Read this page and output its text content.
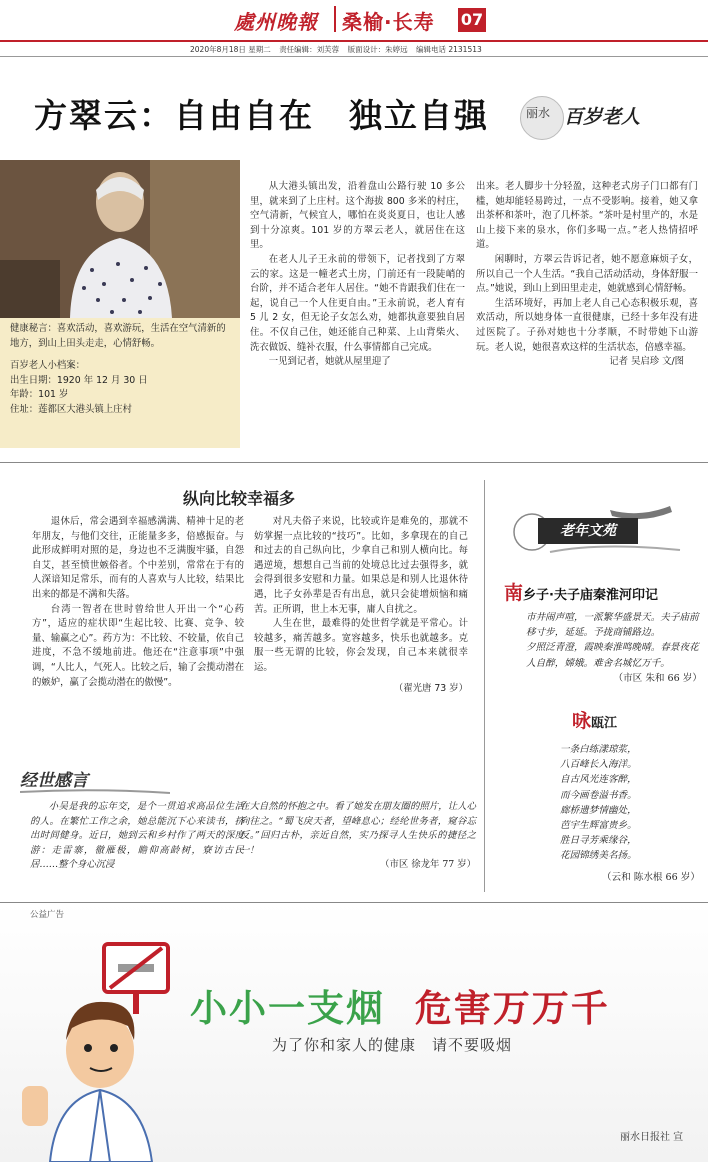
處州晚報 桑榆·长寿 07
2020年8月18日 星期二 责任编辑：刘芙蓉 版面设计：朱婷远 编辑电话 2131513
方翠云：自由自在　独立自强	丽水 百岁老人
健康秘言：喜欢活动，喜欢游玩，生活在空气清新的地方，到山上田头走走，心情舒畅。
百岁老人小档案：
出生日期：1920 年 12 月 30 日
年龄：101 岁
住址：莲都区大港头镇上庄村

从大港头镇出发，沿着盘山公路行驶 10 多公里，就来到了上庄村。这个海拔 800 多米的村庄，空气清新，气候宜人，哪怕在炎炎夏日，也让人感到十分凉爽。101 岁的方翠云老人，就居住在这里。

在老人儿子王永前的带领下，记者找到了方翠云的家。这是一幢老式土房，门前还有一段陡峭的台阶，并不适合老年人居住。“她不肯跟我们住在一起，说自己一个人住更自由。”王永前说，老人育有 5 儿 2 女，但无论子女怎么劝，她都执意要独自居住。不仅自己住，她还能自己种菜、上山背柴火、洗衣做饭、缝补衣服，什么事情都自己完成。

一见到记者，她就从屋里迎了

出来。老人脚步十分轻盈，这种老式房子门口都有门槛，她却能轻易跨过，一点不受影响。接着，她又拿出茶杯和茶叶，泡了几杯茶。“茶叶是村里产的，水是山上接下来的泉水，你们多喝一点。”老人热情招呼道。

闲聊时，方翠云告诉记者，她不愿意麻烦子女，所以自己一个人生活。“我自己活动活动，身体舒服一点。”她说，到山上到田里走走，她就感到心情舒畅。

生活环境好，再加上老人自己心态积极乐观，喜欢活动，所以她身体一直很健康，已经十多年没有进过医院了。子孙对她也十分孝顺，不时带她下山游玩。老人说，她很喜欢这样的生活状态，倍感幸福。

记者 吴启珍 文/图
纵向比较幸福多

退休后，常会遇到幸福感满满、精神十足的老年朋友，与他们交往，正能量多多，倍感振奋。与此形成鲜明对照的是，身边也不乏满腹牢骚，自怨自艾，甚至愤世嫉俗者。个中差别，常常在于有的人深谙知足常乐，而有的人喜欢与人比较，结果比出来的都是不满和失落。

台湾一智者在世时曾给世人开出一个“心药方”，适应的症状即“生起比较、比赛、竞争、较量、输赢之心”。药方为：不比较、不较量，依自己进度，不急不缓地前进。他还在“注意事项”中强调，“人比人，气死人。比较之后，输了会揽动潜在的嫉妒，赢了会揽动潜在的傲慢”。

对凡夫俗子来说，比较或许是难免的，那就不妨掌握一点比较的“技巧”。比如，多拿现在的自己和过去的自己纵向比，少拿自己和别人横向比。每遇逆境，想想自己当前的处境总比过去强得多，就会得到很多安慰和力量。如果总是和别人比退休待遇，比子女孙辈是否有出息，就只会徒增烦恼和痛苦。正所谓，世上本无事，庸人自扰之。

人生在世，最难得的处世哲学就是平常心。计较越多，痛苦越多。宽容越多，快乐也就越多。克服一些无谓的比较，你会发现，自己本来就很幸运。

（翟光唐 73 岁）
老年文苑
南乡子·夫子庙秦淮河印记
市井闹声喧，一派繁华盛景天。夫子庙前移寸步，延延。予拢商铺路边。
夕照泛青澄，霞映秦淮鸣晚晴。春景夜花人自醉，嫦娥。难舍名城忆万千。
（市区 朱和 66 岁）
咏瓯江
一条白练漾琼浆，
八百峰长入海洋。
自古风光连客醉，
而今画卷溢书香。
廊桥遗梦情幽处，
芭宇生辉富贵乡。
胜日寻芳乘缘谷，
花园锦绣美名扬。
（云和 陈水根 66 岁）
经世感言

小吴是我的忘年交，是个一贯追求高品位生活的人。在繁忙工作之余，她总能沉下心来读书，挤出时间健身。近日，她到云和乡村作了两天的深度游：走雷寨，徹雁极，瞻仰高龄树，寮访古民居……整个身心沉浸

在大自然的怀抱之中。看了她发在朋友圈的照片，让人心向往之。“蜀飞戾天者，望峰息心；经纶世务者，窥谷忘反。”回归古朴，亲近自然，实乃探寻人生快乐的捷径之一！

（市区 徐龙年 77 岁）
公益广告
小小一支烟 危害万万千
为了你和家人的健康　请不要吸烟
丽水日报社 宣
